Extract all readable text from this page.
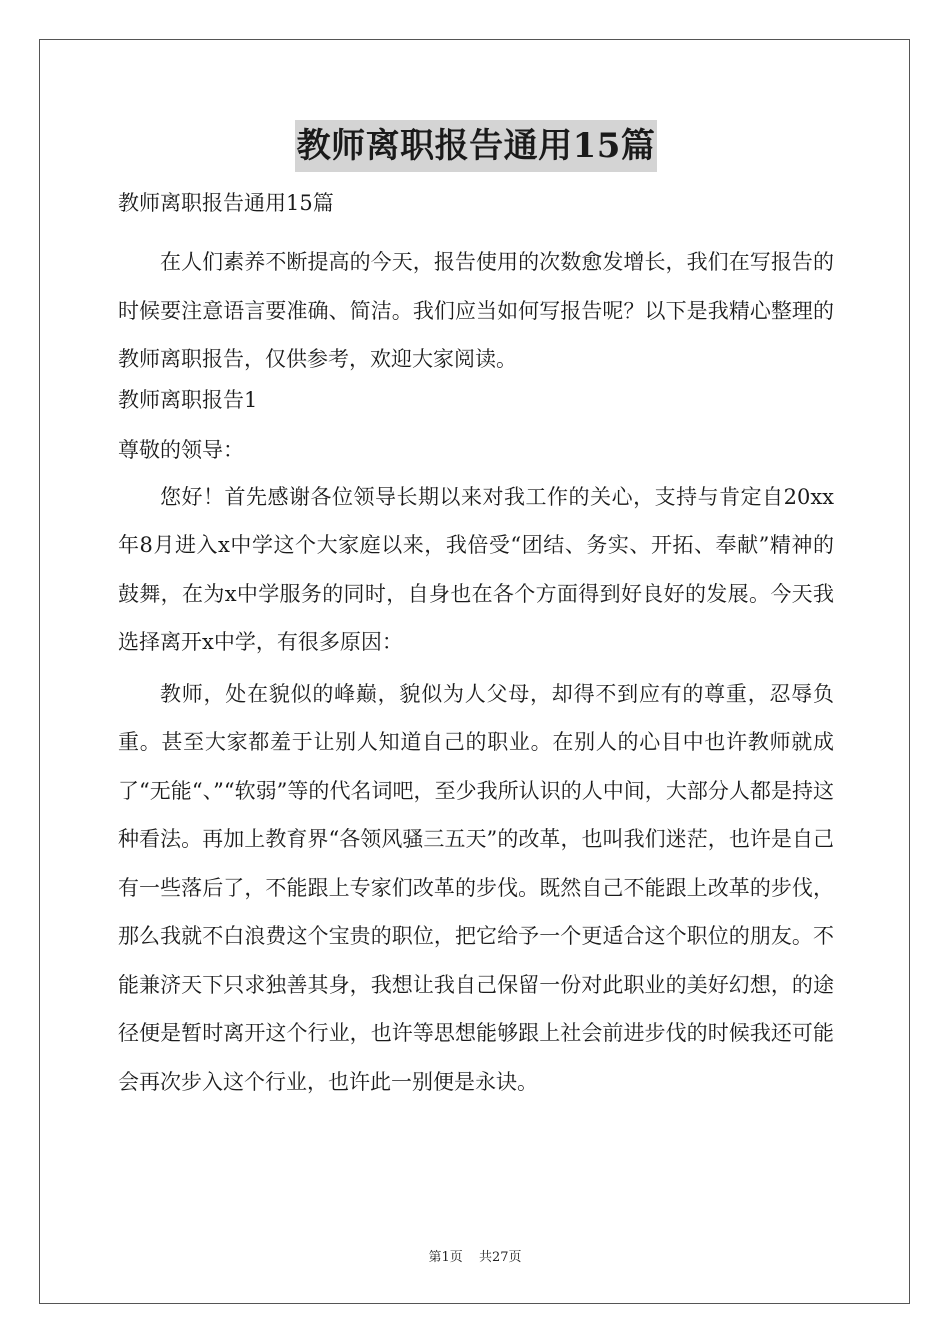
教师离职报告通用15篇
教师离职报告通用15篇

在人们素养不断提高的今天，报告使用的次数愈发增长，我们在写报告的时候要注意语言要准确、简洁。我们应当如何写报告呢？以下是我精心整理的教师离职报告，仅供参考，欢迎大家阅读。

教师离职报告1
尊敬的领导：

您好！首先感谢各位领导长期以来对我工作的关心，支持与肯定自20xx年8月进入x中学这个大家庭以来，我倍受“团结、务实、开拓、奉献”精神的鼓舞，在为x中学服务的同时，自身也在各个方面得到好良好的发展。今天我选择离开x中学，有很多原因：

教师，处在貌似的峰巅，貌似为人父母，却得不到应有的尊重，忍辱负重。甚至大家都羞于让别人知道自己的职业。在别人的心目中也许教师就成了“无能“、”“软弱”等的代名词吧，至少我所认识的人中间，大部分人都是持这种看法。再加上教育界“各领风骚三五天”的改革，也叫我们迷茫，也许是自己有一些落后了，不能跟上专家们改革的步伐。既然自己不能跟上改革的步伐，那么我就不白浪费这个宝贵的职位，把它给予一个更适合这个职位的朋友。不能兼济天下只求独善其身，我想让我自己保留一份对此职业的美好幻想，的途径便是暂时离开这个行业，也许等思想能够跟上社会前进步伐的时候我还可能会再次步入这个行业，也许此一别便是永诀。

第1页 共27页
